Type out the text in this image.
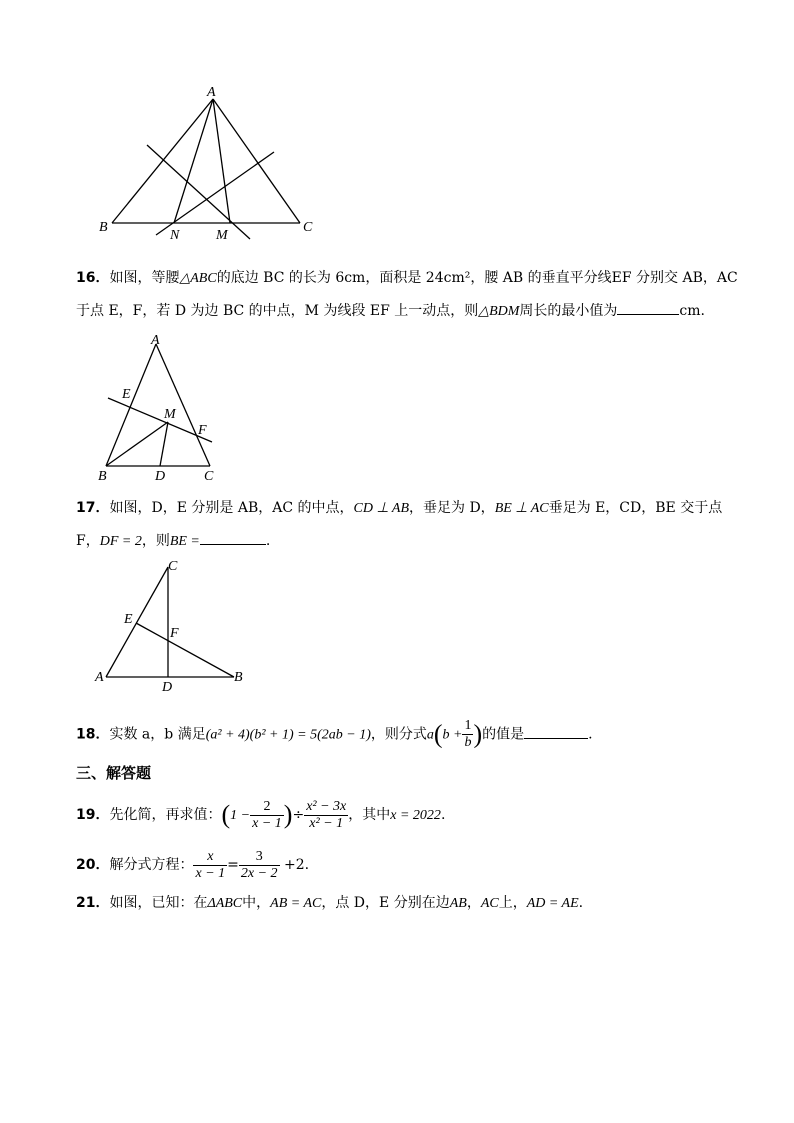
A
B	C
N	M
16．如图，等腰△ABC的底边 BC 的长为 6cm，面积是 24cm²，腰 AB 的垂直平分线EF 分别交 AB，AC
于点 E，F，若 D 为边 BC 的中点，M 为线段 EF 上一动点，则△BDM周长的最小值为	cm.
A
E
M
F
B	D	C
17．如图，D，E 分别是 AB，AC 的中点，CD ⊥ AB，垂足为 D，BE ⊥ AC垂足为 E，CD，BE 交于点
F，DF = 2，则BE =	.
C
E
F
A
D
B
18．实数 a，b 满足(a² + 4)(b² + 1) = 5(2ab − 1)，则分式$a(b + \frac{1}{b}$ )的值是	.
三、解答题
19．先化简，再求值：($1 - \frac{2}{x - 1}$ )÷ $\frac{\text{x² − 3x}}{\text{x² − 1}}$ ，其中x = 2022.
20．解分式方程： $\frac{x}{x - 1} = \frac{3}{2x - 2} +2$.
21．如图，已知：在ΔABC中，AB = AC，点 D，E 分别在边AB，AC上，AD = AE.
